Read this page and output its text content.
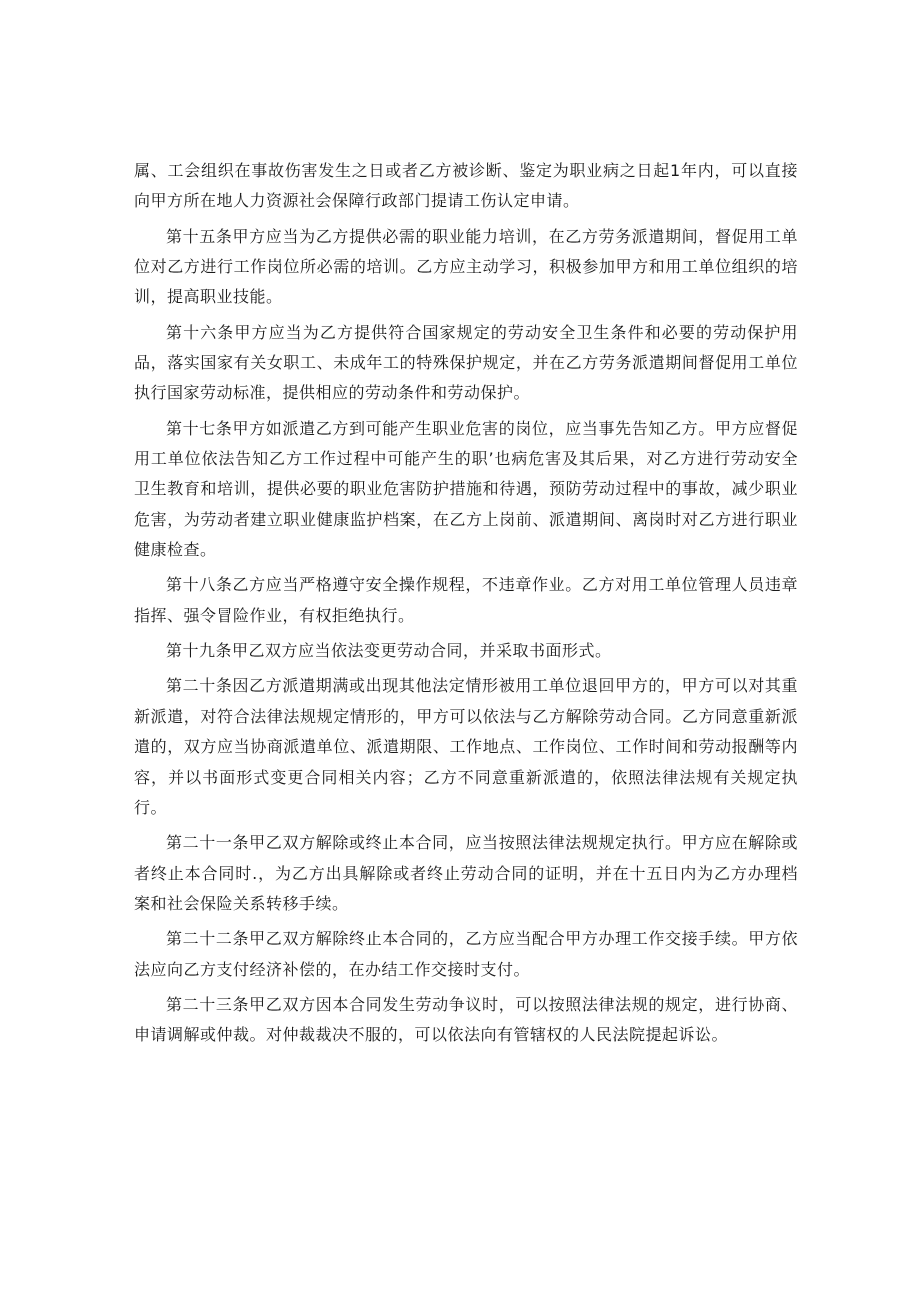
属、工会组织在事故伤害发生之日或者乙方被诊断、鉴定为职业病之日起1年内，可以直接向甲方所在地人力资源社会保障行政部门提请工伤认定申请。

第十五条甲方应当为乙方提供必需的职业能力培训，在乙方劳务派遣期间，督促用工单位对乙方进行工作岗位所必需的培训。乙方应主动学习，积极参加甲方和用工单位组织的培训，提高职业技能。

第十六条甲方应当为乙方提供符合国家规定的劳动安全卫生条件和必要的劳动保护用品，落实国家有关女职工、未成年工的特殊保护规定，并在乙方劳务派遣期间督促用工单位执行国家劳动标准，提供相应的劳动条件和劳动保护。

第十七条甲方如派遣乙方到可能产生职业危害的岗位，应当事先告知乙方。甲方应督促用工单位依法告知乙方工作过程中可能产生的职’也病危害及其后果，对乙方进行劳动安全卫生教育和培训，提供必要的职业危害防护措施和待遇，预防劳动过程中的事故，减少职业危害，为劳动者建立职业健康监护档案，在乙方上岗前、派遣期间、离岗时对乙方进行职业健康检查。

第十八条乙方应当严格遵守安全操作规程，不违章作业。乙方对用工单位管理人员违章指挥、强令冒险作业，有权拒绝执行。

第十九条甲乙双方应当依法变更劳动合同，并采取书面形式。

第二十条因乙方派遣期满或出现其他法定情形被用工单位退回甲方的，甲方可以对其重新派遣，对符合法律法规规定情形的，甲方可以依法与乙方解除劳动合同。乙方同意重新派遣的，双方应当协商派遣单位、派遣期限、工作地点、工作岗位、工作时间和劳动报酬等内容，并以书面形式变更合同相关内容；乙方不同意重新派遣的，依照法律法规有关规定执行。

第二十一条甲乙双方解除或终止本合同，应当按照法律法规规定执行。甲方应在解除或者终止本合同时.，为乙方出具解除或者终止劳动合同的证明，并在十五日内为乙方办理档案和社会保险关系转移手续。

第二十二条甲乙双方解除终止本合同的，乙方应当配合甲方办理工作交接手续。甲方依法应向乙方支付经济补偿的，在办结工作交接时支付。

第二十三条甲乙双方因本合同发生劳动争议时，可以按照法律法规的规定，进行协商、申请调解或仲裁。对仲裁裁决不服的，可以依法向有管辖权的人民法院提起诉讼。
